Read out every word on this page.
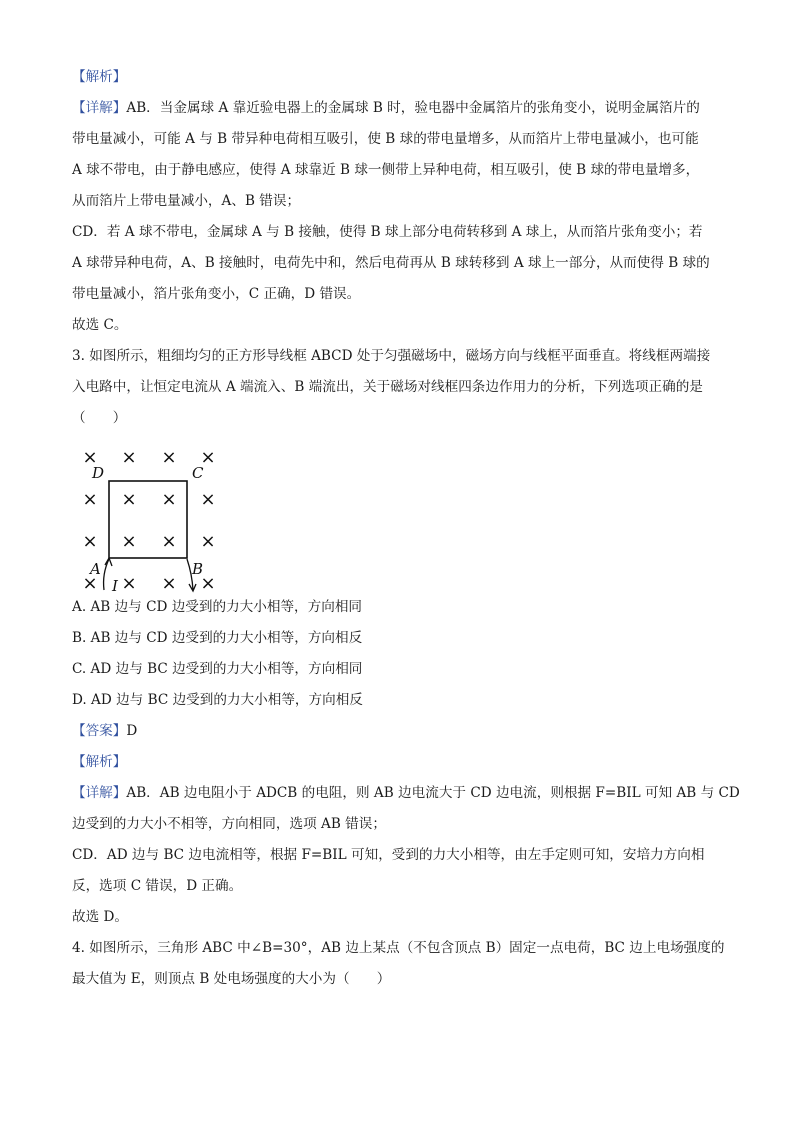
【解析】
【详解】AB．当金属球 A 靠近验电器上的金属球 B 时，验电器中金属箔片的张角变小，说明金属箔片的
带电量减小，可能 A 与 B 带异种电荷相互吸引，使 B 球的带电量增多，从而箔片上带电量减小，也可能
A 球不带电，由于静电感应，使得 A 球靠近 B 球一侧带上异种电荷，相互吸引，使 B 球的带电量增多，
从而箔片上带电量减小，A、B 错误；
CD．若 A 球不带电，金属球 A 与 B 接触，使得 B 球上部分电荷转移到 A 球上，从而箔片张角变小；若
A 球带异种电荷，A、B 接触时，电荷先中和，然后电荷再从 B 球转移到 A 球上一部分，从而使得 B 球的
带电量减小，箔片张角变小，C 正确，D 错误。
故选 C。
3. 如图所示，粗细均匀的正方形导线框 ABCD 处于匀强磁场中，磁场方向与线框平面垂直。将线框两端接
入电路中，让恒定电流从 A 端流入、B 端流出，关于磁场对线框四条边作用力的分析，下列选项正确的是
（　　）
× × × ×
× × × ×
× × × ×
× × × ×
D	C
A	B
I
A. AB 边与 CD 边受到的力大小相等，方向相同
B. AB 边与 CD 边受到的力大小相等，方向相反
C. AD 边与 BC 边受到的力大小相等，方向相同
D. AD 边与 BC 边受到的力大小相等，方向相反
【答案】D
【解析】
【详解】AB．AB 边电阻小于 ADCB 的电阻，则 AB 边电流大于 CD 边电流，则根据 F=BIL 可知 AB 与 CD
边受到的力大小不相等，方向相同，选项 AB 错误；
CD．AD 边与 BC 边电流相等，根据 F=BIL 可知，受到的力大小相等，由左手定则可知，安培力方向相
反，选项 C 错误，D 正确。
故选 D。
4. 如图所示，三角形 ABC 中∠B=30°，AB 边上某点（不包含顶点 B）固定一点电荷，BC 边上电场强度的
最大值为 E，则顶点 B 处电场强度的大小为（　　）
